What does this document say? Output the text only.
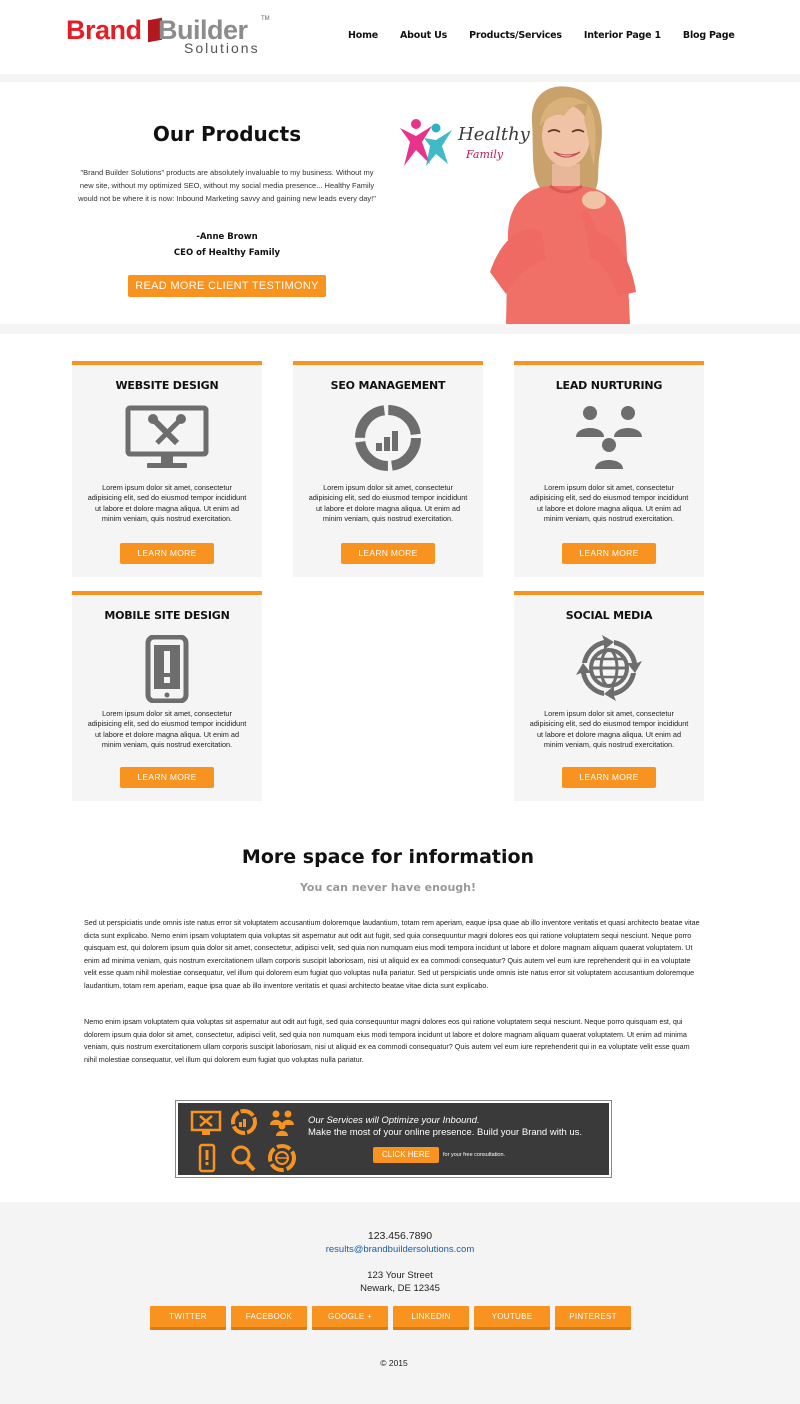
Brand Builder TM
Solutions
Home About Us Products/Services Interior Page 1 Blog Page
Our Products

"Brand Builder Solutions" products are absolutely invaluable to my business. Without my new site, without my optimized SEO, without my social media presence... Healthy Family would not be where it is now: Inbound Marketing savvy and gaining new leads every day!"

-Anne Brown
CEO of Healthy Family
READ MORE CLIENT TESTIMONY
Healthy
Family
WEBSITE DESIGN

Lorem ipsum dolor sit amet, consectetur adipisicing elit, sed do eiusmod tempor incididunt ut labore et dolore magna aliqua. Ut enim ad minim veniam, quis nostrud exercitation.

LEARN MORE
SEO MANAGEMENT

Lorem ipsum dolor sit amet, consectetur adipisicing elit, sed do eiusmod tempor incididunt ut labore et dolore magna aliqua. Ut enim ad minim veniam, quis nostrud exercitation.

LEARN MORE
LEAD NURTURING

Lorem ipsum dolor sit amet, consectetur adipisicing elit, sed do eiusmod tempor incididunt ut labore et dolore magna aliqua. Ut enim ad minim veniam, quis nostrud exercitation.

LEARN MORE
MOBILE SITE DESIGN

Lorem ipsum dolor sit amet, consectetur adipisicing elit, sed do eiusmod tempor incididunt ut labore et dolore magna aliqua. Ut enim ad minim veniam, quis nostrud exercitation.

LEARN MORE
SOCIAL MEDIA

Lorem ipsum dolor sit amet, consectetur adipisicing elit, sed do eiusmod tempor incididunt ut labore et dolore magna aliqua. Ut enim ad minim veniam, quis nostrud exercitation.

LEARN MORE
More space for information
You can never have enough!

Sed ut perspiciatis unde omnis iste natus error sit voluptatem accusantium doloremque laudantium, totam rem aperiam, eaque ipsa quae ab illo inventore veritatis et quasi architecto beatae vitae dicta sunt explicabo. Nemo enim ipsam voluptatem quia voluptas sit aspernatur aut odit aut fugit, sed quia consequuntur magni dolores eos qui ratione voluptatem sequi nesciunt. Neque porro quisquam est, qui dolorem ipsum quia dolor sit amet, consectetur, adipisci velit, sed quia non numquam eius modi tempora incidunt ut labore et dolore magnam aliquam quaerat voluptatem. Ut enim ad minima veniam, quis nostrum exercitationem ullam corporis suscipit laboriosam, nisi ut aliquid ex ea commodi consequatur? Quis autem vel eum iure reprehenderit qui in ea voluptate velit esse quam nihil molestiae consequatur, vel illum qui dolorem eum fugiat quo voluptas nulla pariatur. Sed ut perspiciatis unde omnis iste natus error sit voluptatem accusantium doloremque laudantium, totam rem aperiam, eaque ipsa quae ab illo inventore veritatis et quasi architecto beatae vitae dicta sunt explicabo.

Nemo enim ipsam voluptatem quia voluptas sit aspernatur aut odit aut fugit, sed quia consequuntur magni dolores eos qui ratione voluptatem sequi nesciunt. Neque porro quisquam est, qui dolorem ipsum quia dolor sit amet, consectetur, adipisci velit, sed quia non numquam eius modi tempora incidunt ut labore et dolore magnam aliquam quaerat voluptatem. Ut enim ad minima veniam, quis nostrum exercitationem ullam corporis suscipit laboriosam, nisi ut aliquid ex ea commodi consequatur? Quis autem vel eum iure reprehenderit qui in ea voluptate velit esse quam nihil molestiae consequatur, vel illum qui dolorem eum fugiat quo voluptas nulla pariatur.

Our Services will Optimize your Inbound.
Make the most of your online presence. Build your Brand with us.
CLICK HERE	for your free consultation.
123.456.7890
results@brandbuildersolutions.com
123 Your Street
Newark, DE 12345
TWITTER	FACEBOOK	GOOGLE +	LINKEDIN	YOUTUBE	PINTEREST
© 2015
